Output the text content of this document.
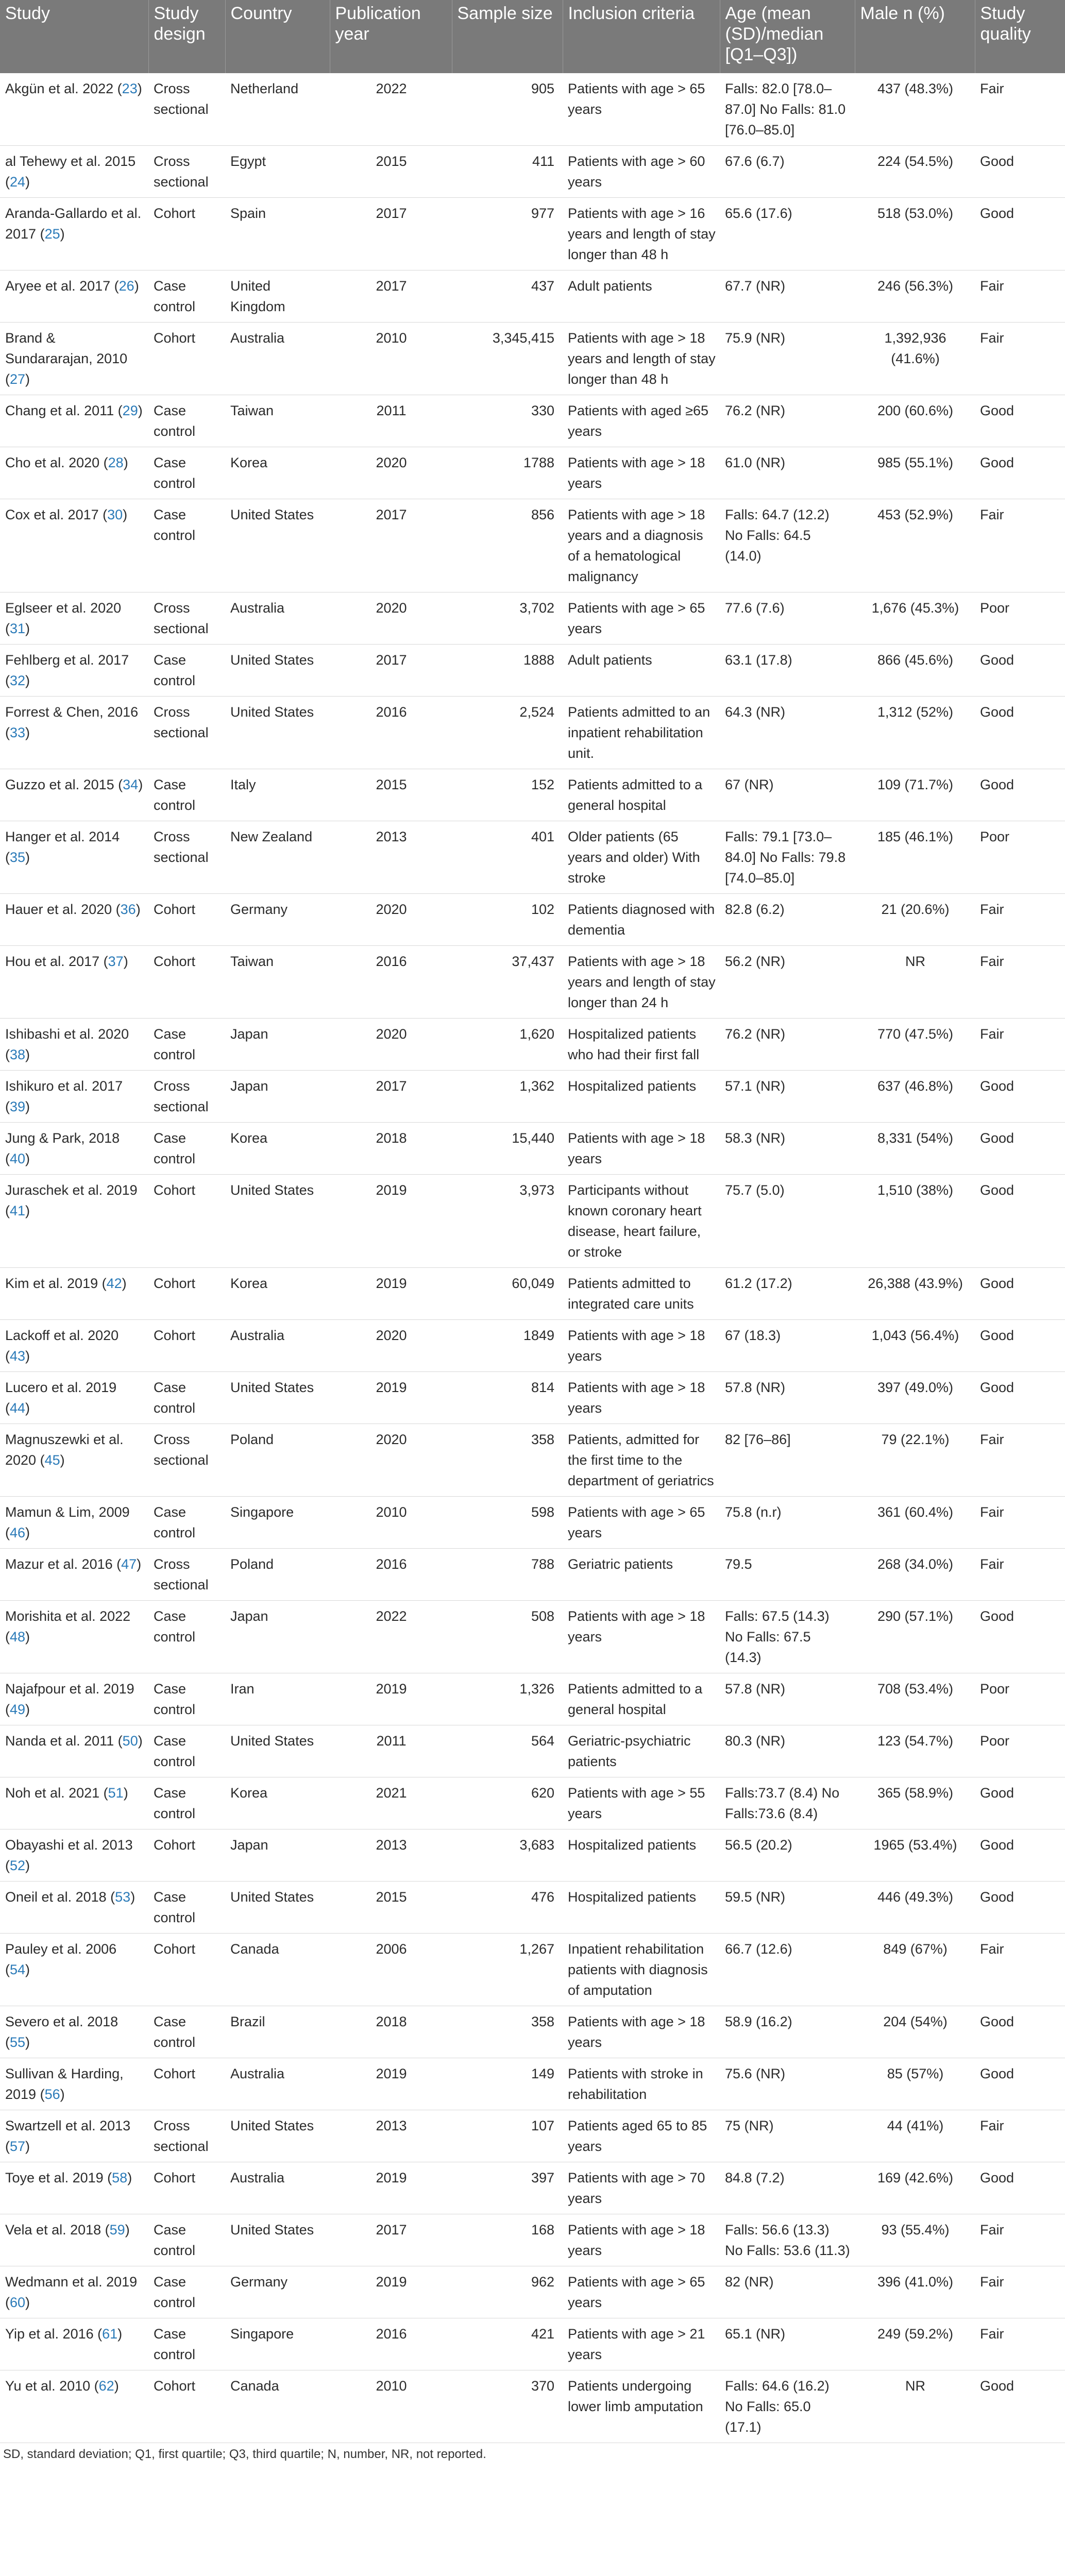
Study	Study design	Country	Publication year	Sample size	Inclusion criteria	Age (mean (SD)/median [Q1–Q3])	Male n (%)	Study quality
Akgün et al. 2022 (23)	Cross sectional	Netherland	2022	905	Patients with age > 65 years	Falls: 82.0 [78.0–87.0] No Falls: 81.0 [76.0–85.0]	437 (48.3%)	Fair
al Tehewy et al. 2015 (24)	Cross sectional	Egypt	2015	411	Patients with age > 60 years	67.6 (6.7)	224 (54.5%)	Good
Aranda-Gallardo et al. 2017 (25)	Cohort	Spain	2017	977	Patients with age > 16 years and length of stay longer than 48 h	65.6 (17.6)	518 (53.0%)	Good
Aryee et al. 2017 (26)	Case control	United Kingdom	2017	437	Adult patients	67.7 (NR)	246 (56.3%)	Fair
Brand & Sundararajan, 2010 (27)	Cohort	Australia	2010	3,345,415	Patients with age > 18 years and length of stay longer than 48 h	75.9 (NR)	1,392,936 (41.6%)	Fair
Chang et al. 2011 (29)	Case control	Taiwan	2011	330	Patients with aged ≥65 years	76.2 (NR)	200 (60.6%)	Good
Cho et al. 2020 (28)	Case control	Korea	2020	1788	Patients with age > 18 years	61.0 (NR)	985 (55.1%)	Good
Cox et al. 2017 (30)	Case control	United States	2017	856	Patients with age > 18 years and a diagnosis of a hematological malignancy	Falls: 64.7 (12.2) No Falls: 64.5 (14.0)	453 (52.9%)	Fair
Eglseer et al. 2020 (31)	Cross sectional	Australia	2020	3,702	Patients with age > 65 years	77.6 (7.6)	1,676 (45.3%)	Poor
Fehlberg et al. 2017 (32)	Case control	United States	2017	1888	Adult patients	63.1 (17.8)	866 (45.6%)	Good
Forrest & Chen, 2016 (33)	Cross sectional	United States	2016	2,524	Patients admitted to an inpatient rehabilitation unit.	64.3 (NR)	1,312 (52%)	Good
Guzzo et al. 2015 (34)	Case control	Italy	2015	152	Patients admitted to a general hospital	67 (NR)	109 (71.7%)	Good
Hanger et al. 2014 (35)	Cross sectional	New Zealand	2013	401	Older patients (65 years and older) With stroke	Falls: 79.1 [73.0–84.0] No Falls: 79.8 [74.0–85.0]	185 (46.1%)	Poor
Hauer et al. 2020 (36)	Cohort	Germany	2020	102	Patients diagnosed with dementia	82.8 (6.2)	21 (20.6%)	Fair
Hou et al. 2017 (37)	Cohort	Taiwan	2016	37,437	Patients with age > 18 years and length of stay longer than 24 h	56.2 (NR)	NR	Fair
Ishibashi et al. 2020 (38)	Case control	Japan	2020	1,620	Hospitalized patients who had their first fall	76.2 (NR)	770 (47.5%)	Fair
Ishikuro et al. 2017 (39)	Cross sectional	Japan	2017	1,362	Hospitalized patients	57.1 (NR)	637 (46.8%)	Good
Jung & Park, 2018 (40)	Case control	Korea	2018	15,440	Patients with age > 18 years	58.3 (NR)	8,331 (54%)	Good
Juraschek et al. 2019 (41)	Cohort	United States	2019	3,973	Participants without known coronary heart disease, heart failure, or stroke	75.7 (5.0)	1,510 (38%)	Good
Kim et al. 2019 (42)	Cohort	Korea	2019	60,049	Patients admitted to integrated care units	61.2 (17.2)	26,388 (43.9%)	Good
Lackoff et al. 2020 (43)	Cohort	Australia	2020	1849	Patients with age > 18 years	67 (18.3)	1,043 (56.4%)	Good
Lucero et al. 2019 (44)	Case control	United States	2019	814	Patients with age > 18 years	57.8 (NR)	397 (49.0%)	Good
Magnuszewki et al. 2020 (45)	Cross sectional	Poland	2020	358	Patients, admitted for the first time to the department of geriatrics	82 [76–86]	79 (22.1%)	Fair
Mamun & Lim, 2009 (46)	Case control	Singapore	2010	598	Patients with age > 65 years	75.8 (n.r)	361 (60.4%)	Fair
Mazur et al. 2016 (47)	Cross sectional	Poland	2016	788	Geriatric patients	79.5	268 (34.0%)	Fair
Morishita et al. 2022 (48)	Case control	Japan	2022	508	Patients with age > 18 years	Falls: 67.5 (14.3) No Falls: 67.5 (14.3)	290 (57.1%)	Good
Najafpour et al. 2019 (49)	Case control	Iran	2019	1,326	Patients admitted to a general hospital	57.8 (NR)	708 (53.4%)	Poor
Nanda et al. 2011 (50)	Case control	United States	2011	564	Geriatric-psychiatric patients	80.3 (NR)	123 (54.7%)	Poor
Noh et al. 2021 (51)	Case control	Korea	2021	620	Patients with age > 55 years	Falls:73.7 (8.4) No Falls:73.6 (8.4)	365 (58.9%)	Good
Obayashi et al. 2013 (52)	Cohort	Japan	2013	3,683	Hospitalized patients	56.5 (20.2)	1965 (53.4%)	Good
Oneil et al. 2018 (53)	Case control	United States	2015	476	Hospitalized patients	59.5 (NR)	446 (49.3%)	Good
Pauley et al. 2006 (54)	Cohort	Canada	2006	1,267	Inpatient rehabilitation patients with diagnosis of amputation	66.7 (12.6)	849 (67%)	Fair
Severo et al. 2018 (55)	Case control	Brazil	2018	358	Patients with age > 18 years	58.9 (16.2)	204 (54%)	Good
Sullivan & Harding, 2019 (56)	Cohort	Australia	2019	149	Patients with stroke in rehabilitation	75.6 (NR)	85 (57%)	Good
Swartzell et al. 2013 (57)	Cross sectional	United States	2013	107	Patients aged 65 to 85 years	75 (NR)	44 (41%)	Fair
Toye et al. 2019 (58)	Cohort	Australia	2019	397	Patients with age > 70 years	84.8 (7.2)	169 (42.6%)	Good
Vela et al. 2018 (59)	Case control	United States	2017	168	Patients with age > 18 years	Falls: 56.6 (13.3) No Falls: 53.6 (11.3)	93 (55.4%)	Fair
Wedmann et al. 2019 (60)	Case control	Germany	2019	962	Patients with age > 65 years	82 (NR)	396 (41.0%)	Fair
Yip et al. 2016 (61)	Case control	Singapore	2016	421	Patients with age > 21 years	65.1 (NR)	249 (59.2%)	Fair
Yu et al. 2010 (62)	Cohort	Canada	2010	370	Patients undergoing lower limb amputation	Falls: 64.6 (16.2) No Falls: 65.0 (17.1)	NR	Good
SD, standard deviation; Q1, first quartile; Q3, third quartile; N, number, NR, not reported.
